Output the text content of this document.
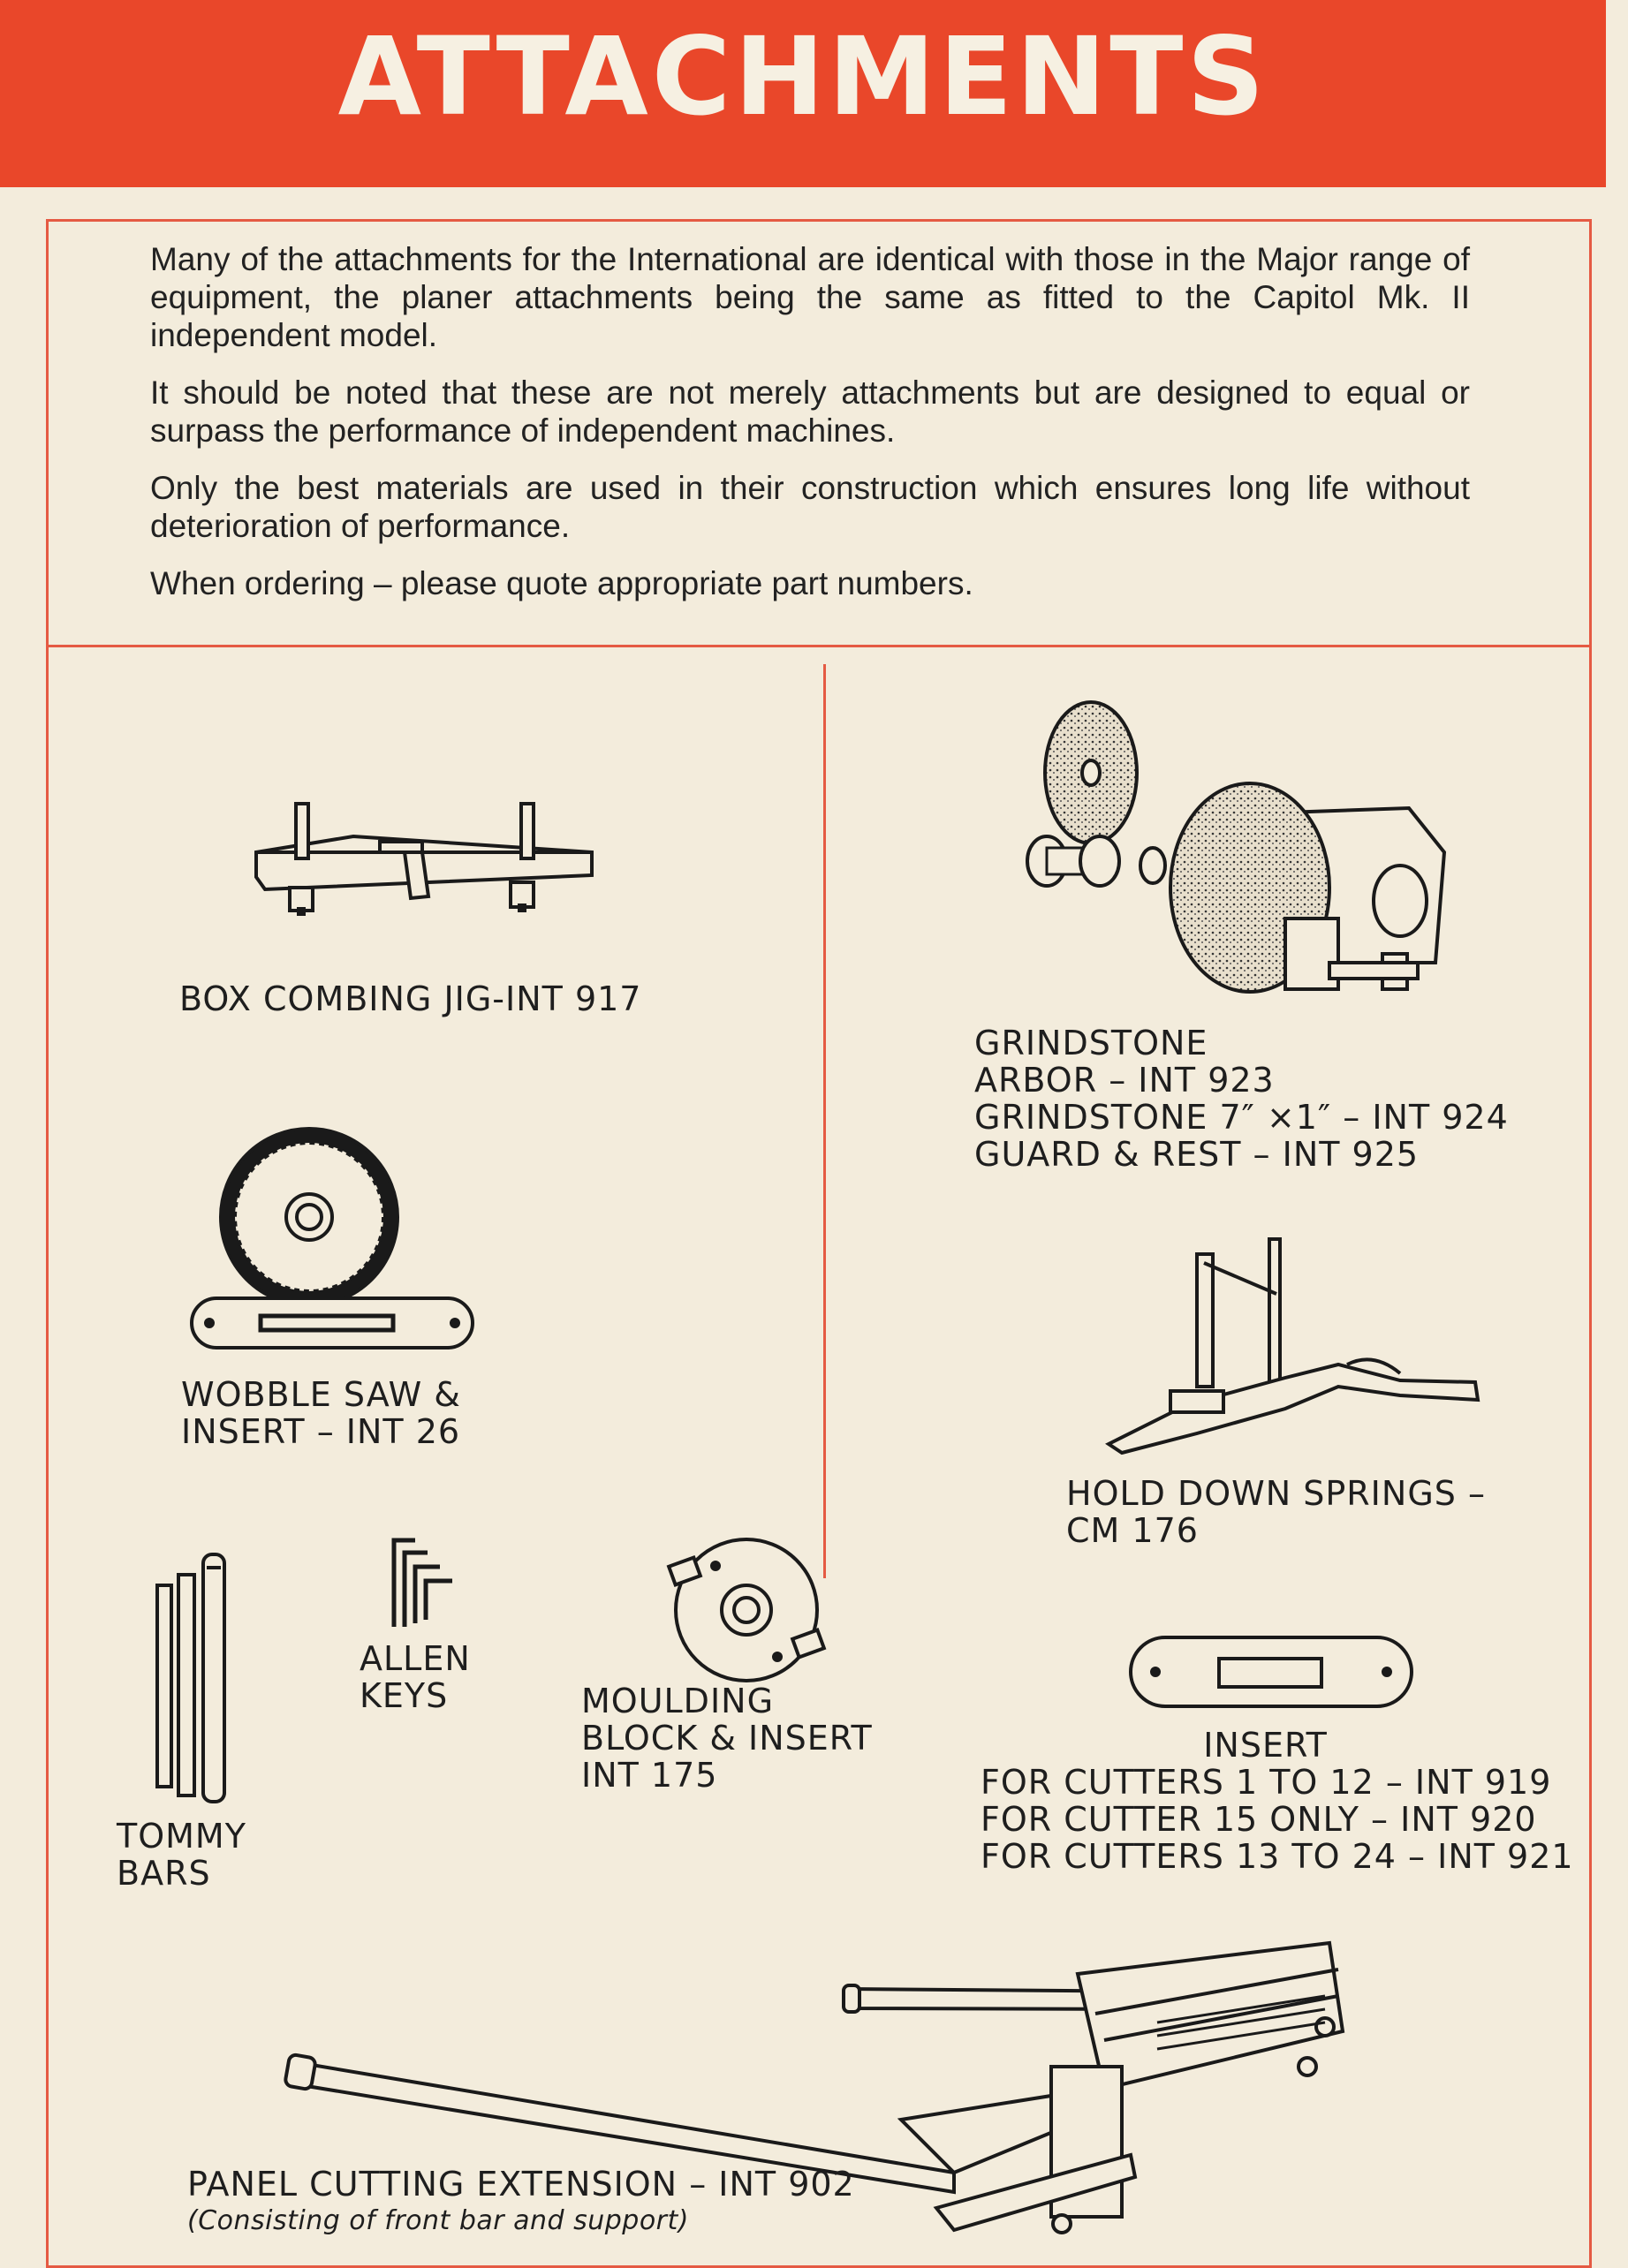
ATTACHMENTS

Many of the attachments for the International are identical with those in the Major range of equipment, the planer attachments being the same as fitted to the Capitol Mk. II independent model.

It should be noted that these are not merely attachments but are designed to equal or surpass the performance of independent machines.

Only the best materials are used in their construction which ensures long life without deterioration of performance.

When ordering – please quote appropriate part numbers.

BOX COMBING JIG-INT 917
GRINDSTONE
ARBOR – INT 923
GRINDSTONE 7″ ×1″ – INT 924
GUARD & REST – INT 925
WOBBLE SAW &
INSERT – INT 26
HOLD DOWN SPRINGS –
CM 176
TOMMY
BARS
ALLEN
KEYS	MOULDING
BLOCK & INSERT
INT 175
INSERT
FOR CUTTERS 1 TO 12 – INT 919
FOR CUTTER 15 ONLY – INT 920
FOR CUTTERS 13 TO 24 – INT 921
PANEL CUTTING EXTENSION – INT 902
(Consisting of front bar and support)
